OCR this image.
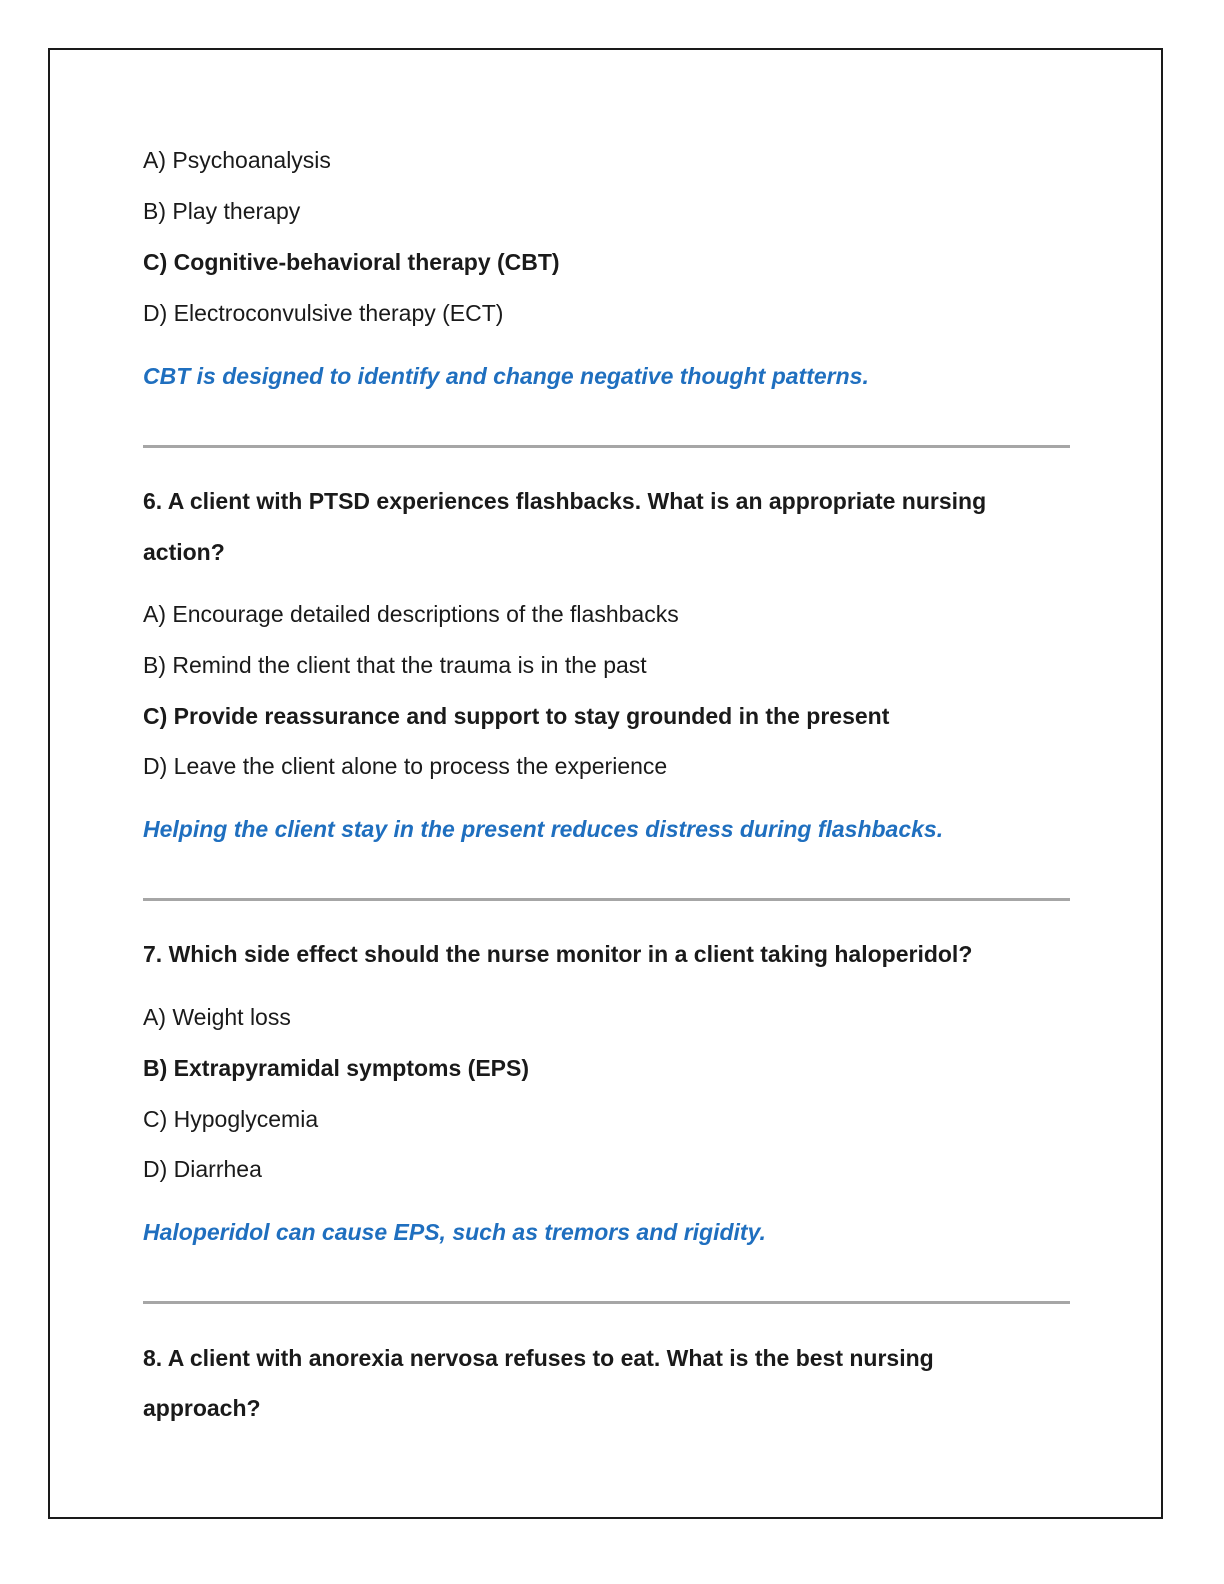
A) Psychoanalysis
B) Play therapy
C) Cognitive-behavioral therapy (CBT)
D) Electroconvulsive therapy (ECT)
CBT is designed to identify and change negative thought patterns.
6. A client with PTSD experiences flashbacks. What is an appropriate nursing
action?
A) Encourage detailed descriptions of the flashbacks
B) Remind the client that the trauma is in the past
C) Provide reassurance and support to stay grounded in the present
D) Leave the client alone to process the experience
Helping the client stay in the present reduces distress during flashbacks.
7. Which side effect should the nurse monitor in a client taking haloperidol?
A) Weight loss
B) Extrapyramidal symptoms (EPS)
C) Hypoglycemia
D) Diarrhea
Haloperidol can cause EPS, such as tremors and rigidity.
8. A client with anorexia nervosa refuses to eat. What is the best nursing
approach?
